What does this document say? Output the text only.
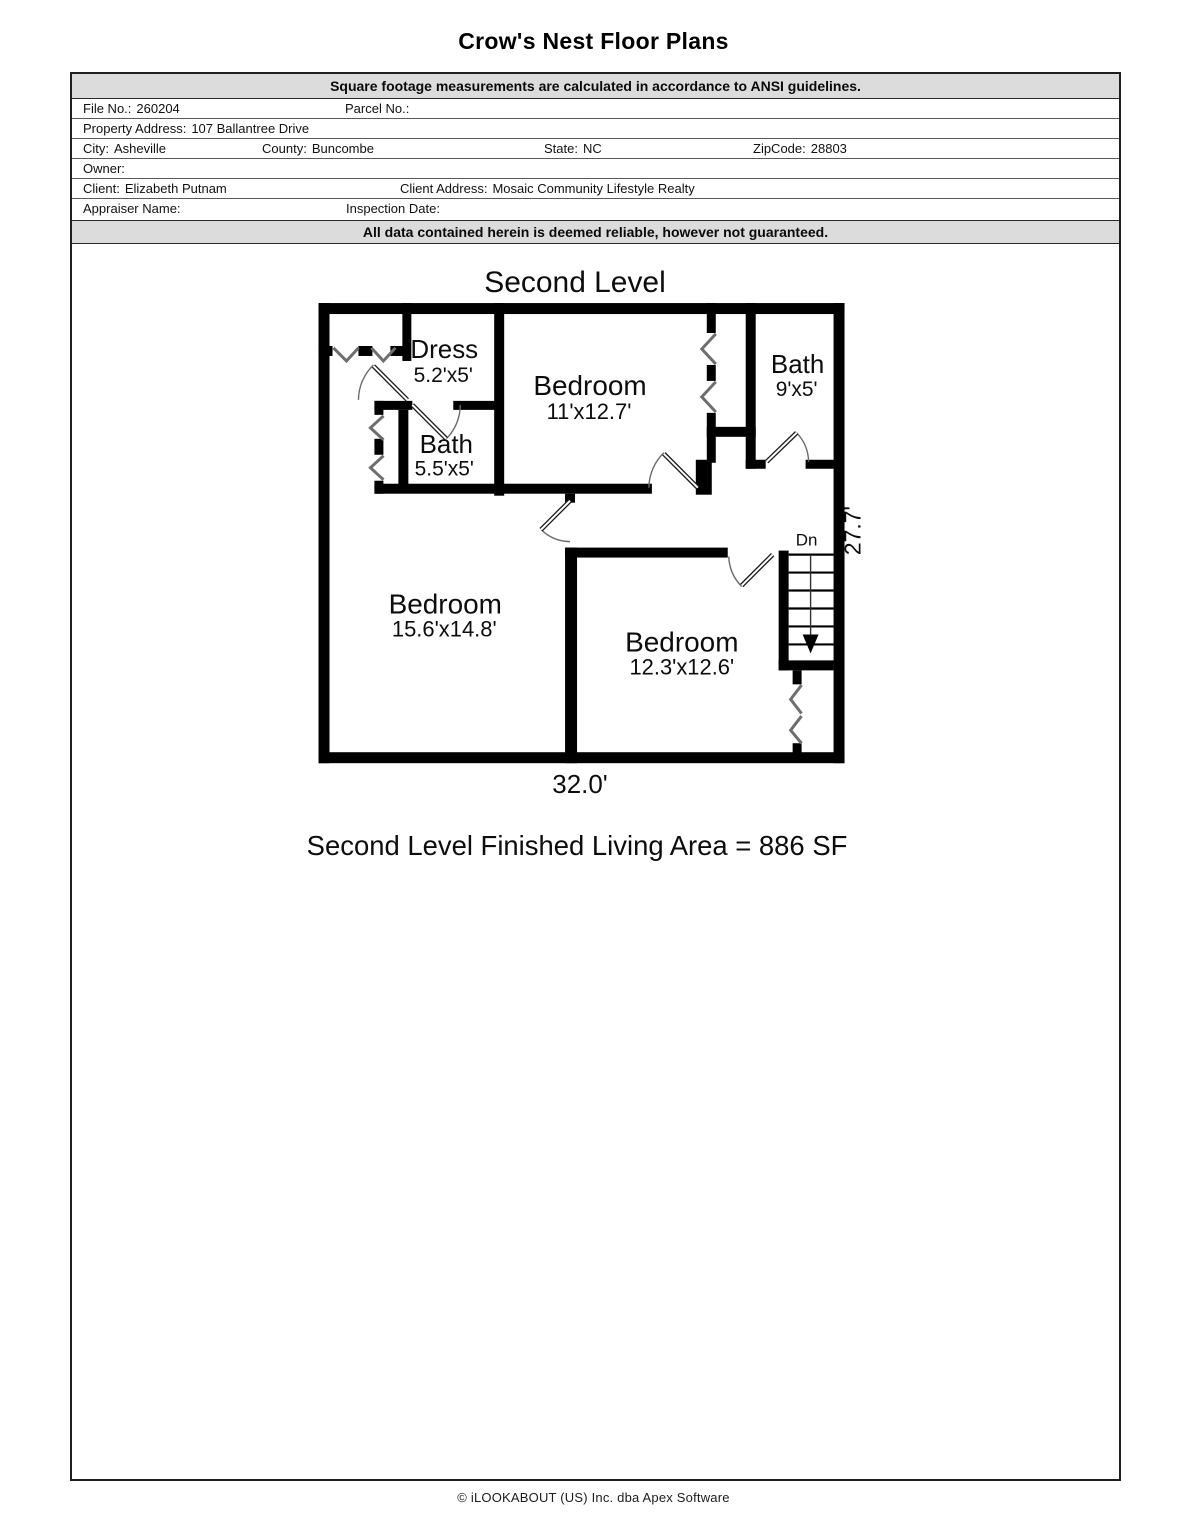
Crow's Nest Floor Plans
Square footage measurements are calculated in accordance to ANSI guidelines.
File No.: 260204	Parcel No.:
Property Address: 107 Ballantree Drive
City: Asheville	County: Buncombe	State: NC	ZipCode: 28803
Owner:
Client: Elizabeth Putnam	Client Address: Mosaic Community Lifestyle Realty
Appraiser Name:	Inspection Date:
All data contained herein is deemed reliable, however not guaranteed.
Second Level
Dn
Dress
5.2'x5' Bedroom
11'x12.7'
Bath
9'x5'
Bath
5.5'x5'
Bedroom
15.6'x14.8'	Bedroom
12.3'x12.6'
27.7'
32.0'
Second Level Finished Living Area = 886 SF
© iLOOKABOUT (US) Inc. dba Apex Software
